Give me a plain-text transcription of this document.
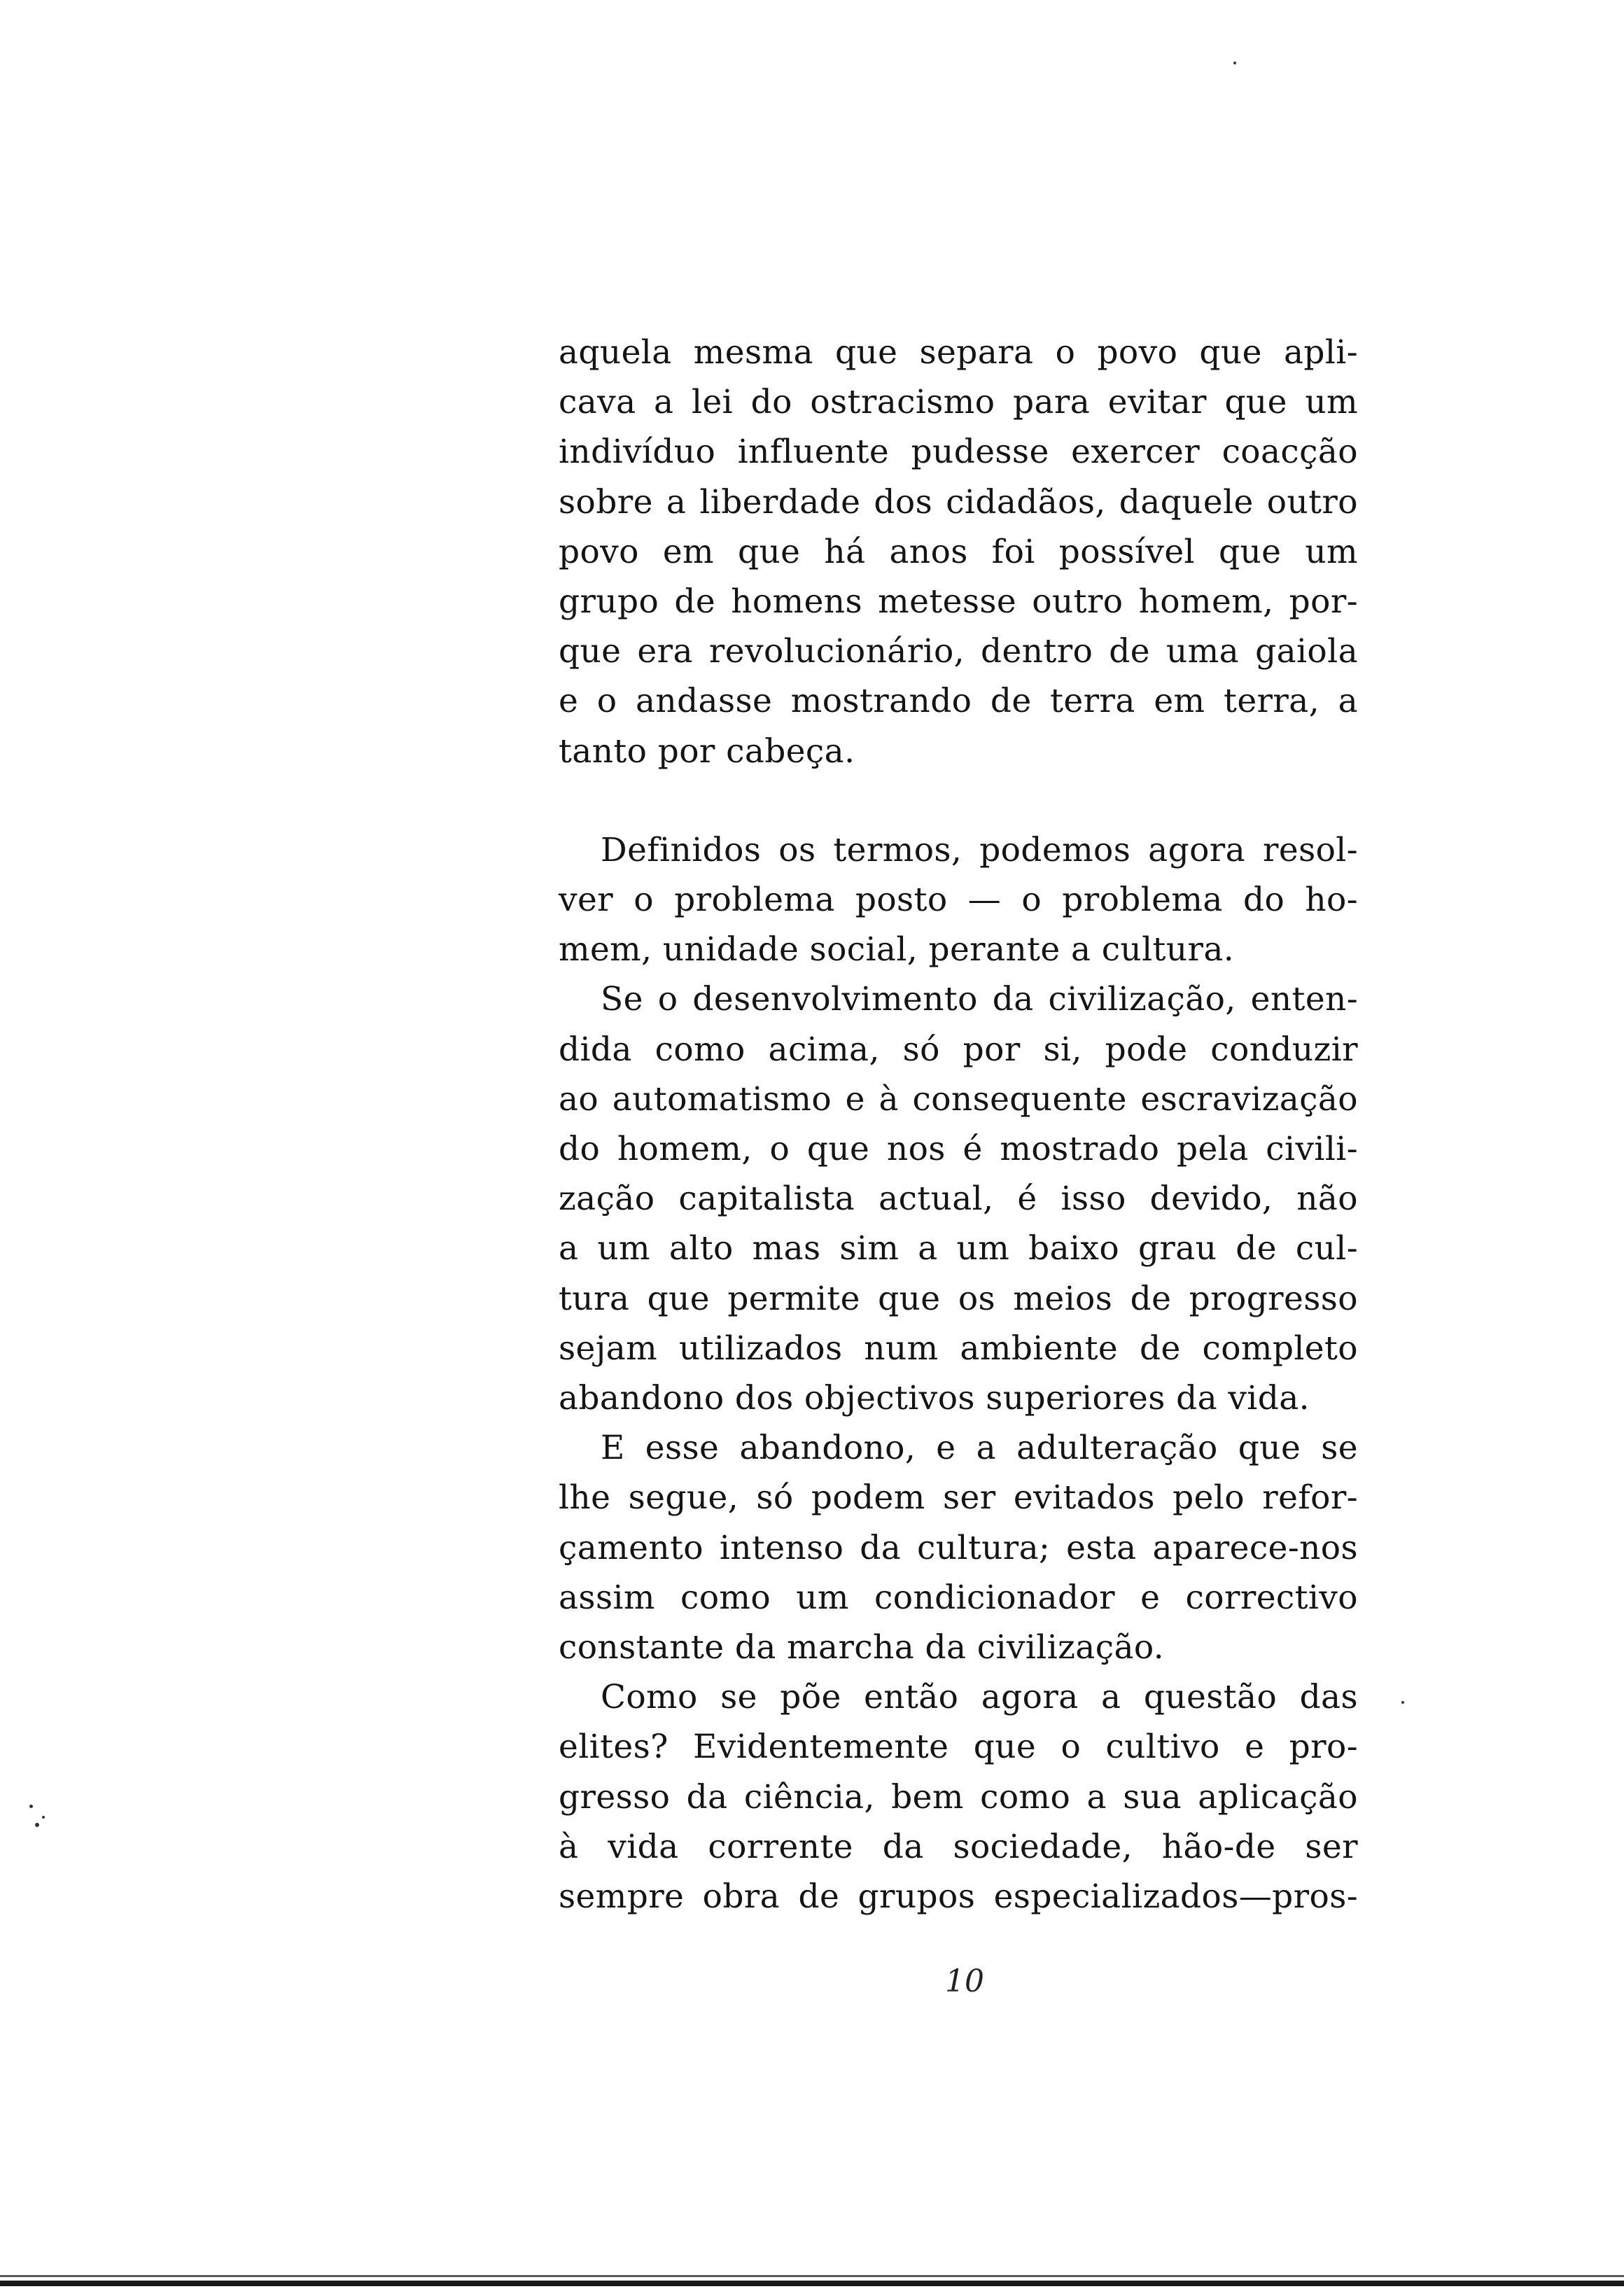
aquela mesma que separa o povo que apli-
cava a lei do ostracismo para evitar que um
indivíduo influente pudesse exercer coacção
sobre a liberdade dos cidadãos, daquele outro
povo em que há anos foi possível que um
grupo de homens metesse outro homem, por-
que era revolucionário, dentro de uma gaiola
e o andasse mostrando de terra em terra, a
tanto por cabeça.

Definidos os termos, podemos agora resol-
ver o problema posto — o problema do ho-
mem, unidade social, perante a cultura.

Se o desenvolvimento da civilização, enten-
dida como acima, só por si, pode conduzir
ao automatismo e à consequente escravização
do homem, o que nos é mostrado pela civili-
zação capitalista actual, é isso devido, não
a um alto mas sim a um baixo grau de cul-
tura que permite que os meios de progresso
sejam utilizados num ambiente de completo
abandono dos objectivos superiores da vida.

E esse abandono, e a adulteração que se
lhe segue, só podem ser evitados pelo refor-
çamento intenso da cultura; esta aparece-nos
assim como um condicionador e correctivo
constante da marcha da civilização.

Como se põe então agora a questão das
elites? Evidentemente que o cultivo e pro-
gresso da ciência, bem como a sua aplicação
à vida corrente da sociedade, hão-de ser
sempre obra de grupos especializados—pros-

10
